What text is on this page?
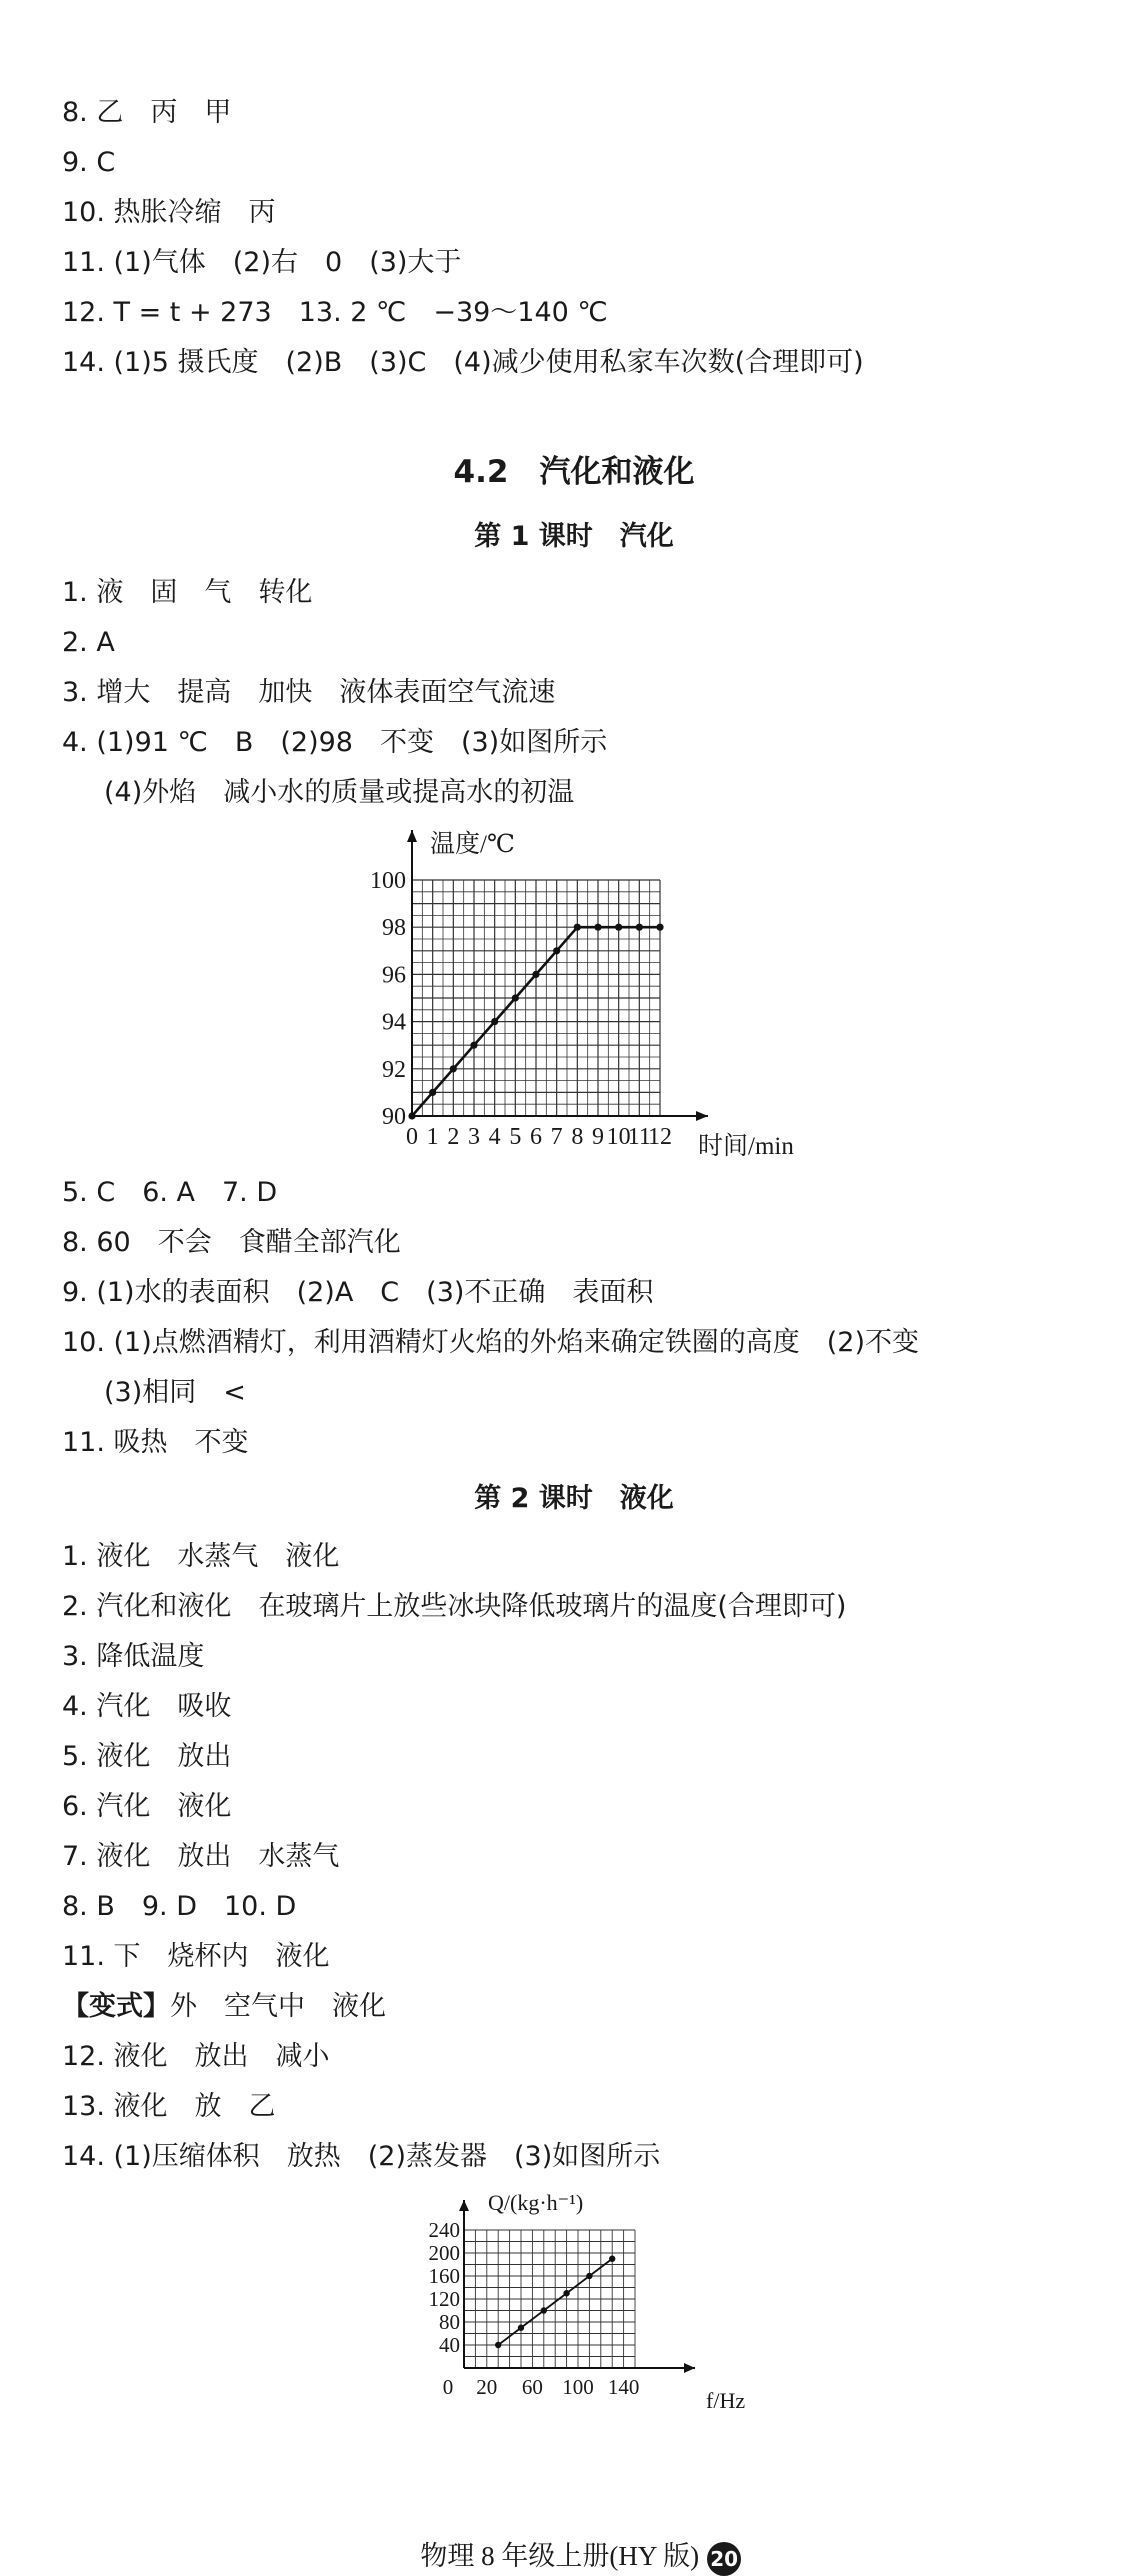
8. 乙　丙　甲
9. C
10. 热胀冷缩　丙
11. (1)气体　(2)右　0　(3)大于
12. T = t + 273　13. 2 ℃　−39～140 ℃
14. (1)5 摄氏度　(2)B　(3)C　(4)减少使用私家车次数(合理即可)
4.2　汽化和液化
第 1 课时　汽化
1. 液　固　气　转化
2. A
3. 增大　提高　加快　液体表面空气流速
4. (1)91 ℃　B　(2)98　不变　(3)如图所示
(4)外焰　减小水的质量或提高水的初温
0 1 2 3 4 5 6 7 8 9 10
11
12
90
92
94
96
98
100
温度/℃
时间/min
5. C　6. A　7. D
8. 60　不会　食醋全部汽化
9. (1)水的表面积　(2)A　C　(3)不正确　表面积
10. (1)点燃酒精灯，利用酒精灯火焰的外焰来确定铁圈的高度　(2)不变
(3)相同　<
11. 吸热　不变
第 2 课时　液化
1. 液化　水蒸气　液化
2. 汽化和液化　在玻璃片上放些冰块降低玻璃片的温度(合理即可)
3. 降低温度
4. 汽化　吸收
5. 液化　放出
6. 汽化　液化
7. 液化　放出　水蒸气
8. B　9. D　10. D
11. 下　烧杯内　液化
【变式】外　空气中　液化
12. 液化　放出　减小
13. 液化　放　乙
14. (1)压缩体积　放热　(2)蒸发器　(3)如图所示
0 20 60 100 140
40
80
120
160
200
240
Q/(kg·h⁻¹)
f/Hz

物理 8 年级上册(HY 版) 20
